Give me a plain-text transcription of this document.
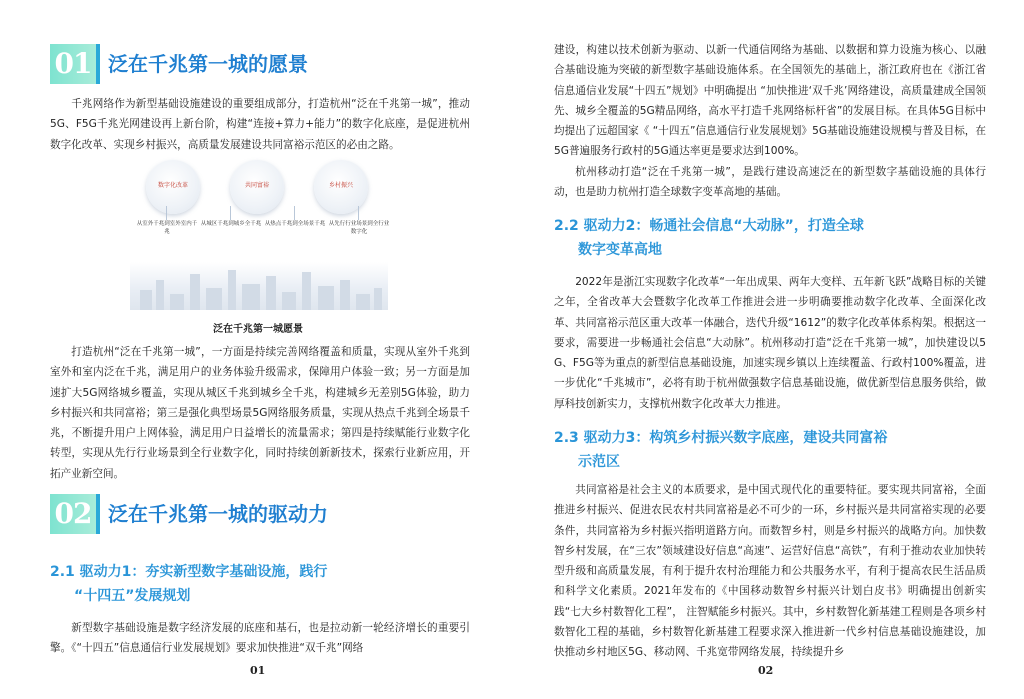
01 泛在千兆第一城的愿景

千兆网络作为新型基础设施建设的重要组成部分，打造杭州“泛在千兆第一城”，推动5G、F5G千兆光网建设再上新台阶，构建“连接+算力+能力”的数字化底座，是促进杭州数字化改革、实现乡村振兴，高质量发展建设共同富裕示范区的必由之路。

数字化改革	共同富裕	乡村振兴
从室外千兆到室外室内千兆
从城区千兆到城乡全千兆 从热点千兆到全场景千兆 从先行行业场景到全行业数字化
泛在千兆第一城愿景

打造杭州“泛在千兆第一城”，一方面是持续完善网络覆盖和质量，实现从室外千兆到室外和室内泛在千兆，满足用户的业务体验升级需求，保障用户体验一致；另一方面是加速扩大5G网络城乡覆盖，实现从城区千兆到城乡全千兆，构建城乡无差别5G体验，助力乡村振兴和共同富裕；第三是强化典型场景5G网络服务质量，实现从热点千兆到全场景千兆，不断提升用户上网体验，满足用户日益增长的流量需求；第四是持续赋能行业数字化转型，实现从先行行业场景到全行业数字化，同时持续创新新技术，探索行业新应用，开拓产业新空间。

02 泛在千兆第一城的驱动力

2.1 驱动力1：夯实新型数字基础设施，践行
“十四五”发展规划

新型数字基础设施是数字经济发展的底座和基石，也是拉动新一轮经济增长的重要引擎。《“十四五”信息通信行业发展规划》要求加快推进“双千兆”网络

01

建设，构建以技术创新为驱动、以新一代通信网络为基础、以数据和算力设施为核心、以融合基础设施为突破的新型数字基础设施体系。在全国领先的基础上，浙江政府也在《浙江省信息通信业发展“十四五”规划》中明确提出 “加快推进‘双千兆’网络建设，高质量建成全国领先、城乡全覆盖的5G精品网络，高水平打造千兆网络标杆省”的发展目标。在具体5G目标中均提出了远超国家《 “十四五”信息通信行业发展规划》5G基础设施建设规模与普及目标，在5G普遍服务行政村的5G通达率更是要求达到100%。

杭州移动打造“泛在千兆第一城”，是践行建设高速泛在的新型数字基础设施的具体行动，也是助力杭州打造全球数字变革高地的基础。

2.2 驱动力2：畅通社会信息“大动脉”，打造全球
数字变革高地

2022年是浙江实现数字化改革“一年出成果、两年大变样、五年新飞跃”战略目标的关键之年，全省改革大会暨数字化改革工作推进会进一步明确要推动数字化改革、全面深化改革、共同富裕示范区重大改革一体融合，迭代升级“1612”的数字化改革体系构架。根据这一要求，需要进一步畅通社会信息“大动脉”。杭州移动打造“泛在千兆第一城”，加快建设以5G、F5G等为重点的新型信息基础设施，加速实现乡镇以上连续覆盖、行政村100%覆盖，进一步优化“千兆城市”，必将有助于杭州做强数字信息基础设施，做优新型信息服务供给，做厚科技创新实力，支撑杭州数字化改革大力推进。

2.3 驱动力3：构筑乡村振兴数字底座，建设共同富裕
示范区

共同富裕是社会主义的本质要求，是中国式现代化的重要特征。要实现共同富裕，全面推进乡村振兴、促进农民农村共同富裕是必不可少的一环，乡村振兴是共同富裕实现的必要条件，共同富裕为乡村振兴指明道路方向。而数智乡村，则是乡村振兴的战略方向。加快数智乡村发展，在“三农”领域建设好信息“高速”、运营好信息“高铁”，有利于推动农业加快转型升级和高质量发展，有利于提升农村治理能力和公共服务水平，有利于提高农民生活品质和科学文化素质。2021年发布的《中国移动数智乡村振兴计划白皮书》明确提出创新实践“七大乡村数智化工程”， 注智赋能乡村振兴。其中，乡村数智化新基建工程则是各项乡村数智化工程的基础，乡村数智化新基建工程要求深入推进新一代乡村信息基础设施建设，加快推动乡村地区5G、移动网、千兆宽带网络发展，持续提升乡

02
